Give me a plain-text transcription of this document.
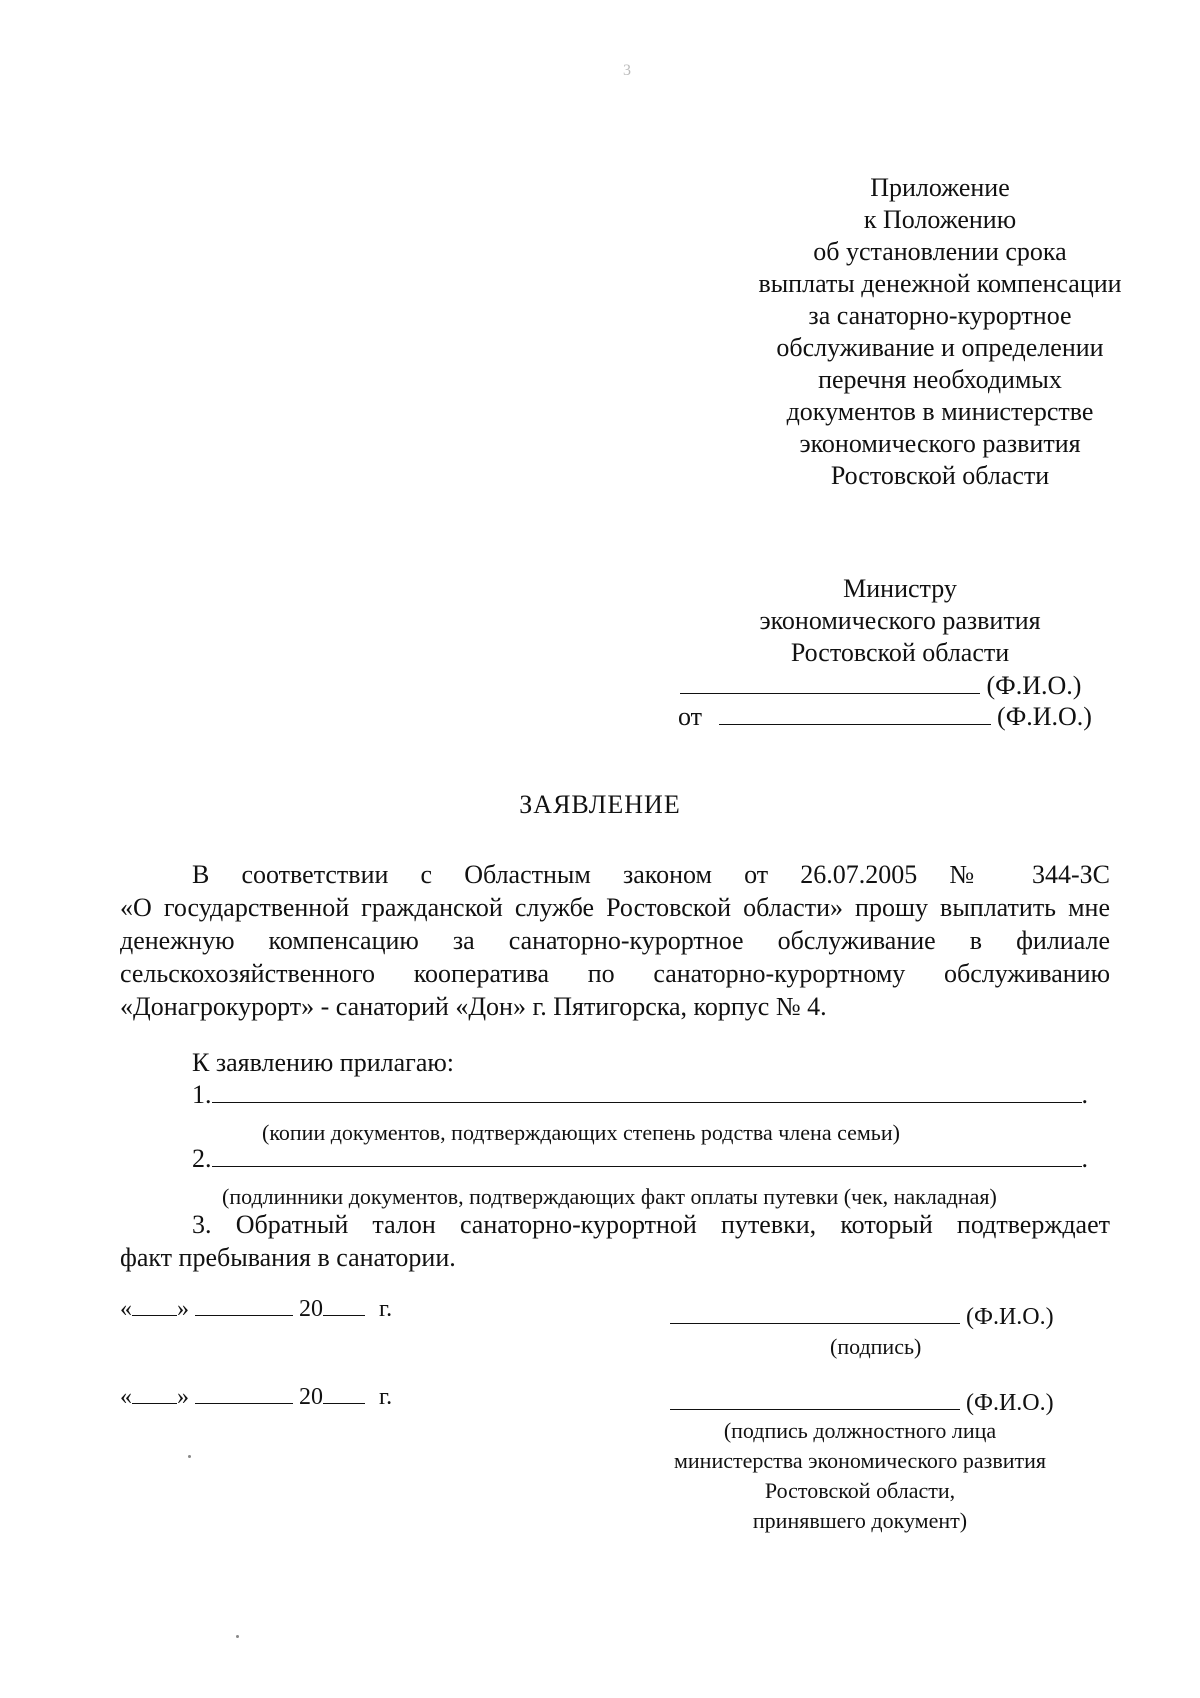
3
Приложение
к Положению
об установлении срока
выплаты денежной компенсации
за санаторно-курортное
обслуживание и определении
перечня необходимых
документов в министерстве
экономического развития
Ростовской области
Министру
экономического развития
Ростовской области
(Ф.И.О.)
от	(Ф.И.О.)
ЗАЯВЛЕНИЕ
В соответствии с Областным законом от 26.07.2005 № 344-ЗС
«О государственной гражданской службе Ростовской области» прошу выплатить мне денежную компенсацию за санаторно-курортное обслуживание в филиале сельскохозяйственного кооператива по санаторно-курортному обслуживанию «Донагрокурорт» - санаторий «Дон» г. Пятигорска, корпус № 4.
К заявлению прилагаю:
1.	.
(копии документов, подтверждающих степень родства члена семьи)
2.	.
(подлинники документов, подтверждающих факт оплаты путевки (чек, накладная)
3. Обратный талон санаторно-курортной путевки, который подтверждает
факт пребывания в санатории.
« »	20 г.	(Ф.И.О.)
(подпись)
« »	20 г.	(Ф.И.О.)
(подпись должностного лица
министерства экономического развития
Ростовской области,
принявшего документ)
